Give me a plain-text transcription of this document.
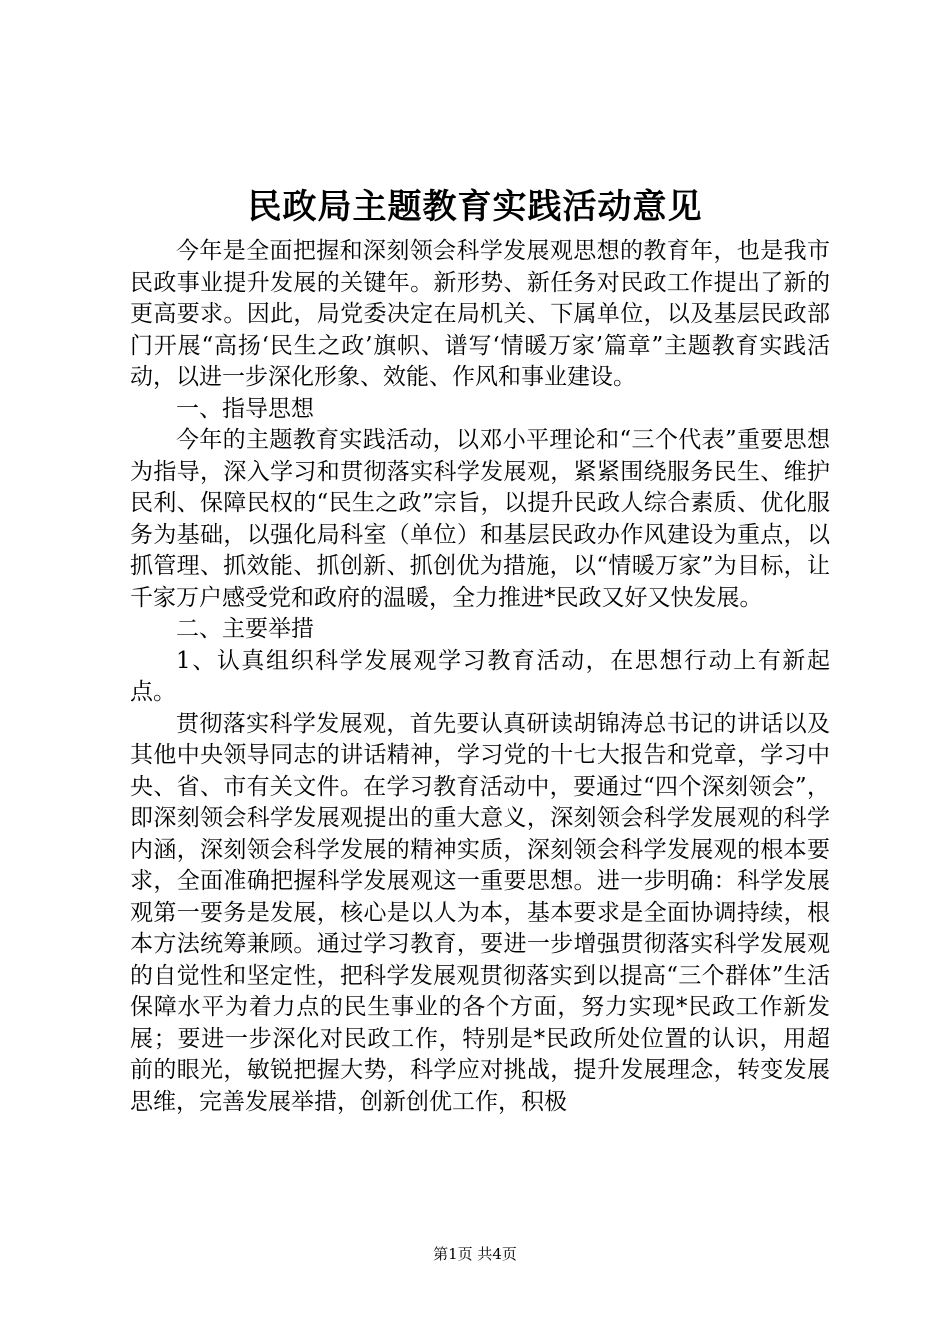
民政局主题教育实践活动意见

今年是全面把握和深刻领会科学发展观思想的教育年，也是我市民政事业提升发展的关键年。新形势、新任务对民政工作提出了新的更高要求。因此，局党委决定在局机关、下属单位，以及基层民政部门开展“高扬‘民生之政’旗帜、谱写‘情暖万家’篇章”主题教育实践活动，以进一步深化形象、效能、作风和事业建设。

一、指导思想

今年的主题教育实践活动，以邓小平理论和“三个代表”重要思想为指导，深入学习和贯彻落实科学发展观，紧紧围绕服务民生、维护民利、保障民权的“民生之政”宗旨，以提升民政人综合素质、优化服务为基础，以强化局科室（单位）和基层民政办作风建设为重点，以抓管理、抓效能、抓创新、抓创优为措施，以“情暖万家”为目标，让千家万户感受党和政府的温暖，全力推进*民政又好又快发展。

二、主要举措

1、认真组织科学发展观学习教育活动，在思想行动上有新起点。

贯彻落实科学发展观，首先要认真研读胡锦涛总书记的讲话以及其他中央领导同志的讲话精神，学习党的十七大报告和党章，学习中央、省、市有关文件。在学习教育活动中，要通过“四个深刻领会”，即深刻领会科学发展观提出的重大意义，深刻领会科学发展观的科学内涵，深刻领会科学发展的精神实质，深刻领会科学发展观的根本要求，全面准确把握科学发展观这一重要思想。进一步明确：科学发展观第一要务是发展，核心是以人为本，基本要求是全面协调持续，根本方法统筹兼顾。通过学习教育，要进一步增强贯彻落实科学发展观的自觉性和坚定性，把科学发展观贯彻落实到以提高“三个群体”生活保障水平为着力点的民生事业的各个方面，努力实现*民政工作新发展；要进一步深化对民政工作，特别是*民政所处位置的认识，用超前的眼光，敏锐把握大势，科学应对挑战，提升发展理念，转变发展思维，完善发展举措，创新创优工作，积极

第1页 共4页
